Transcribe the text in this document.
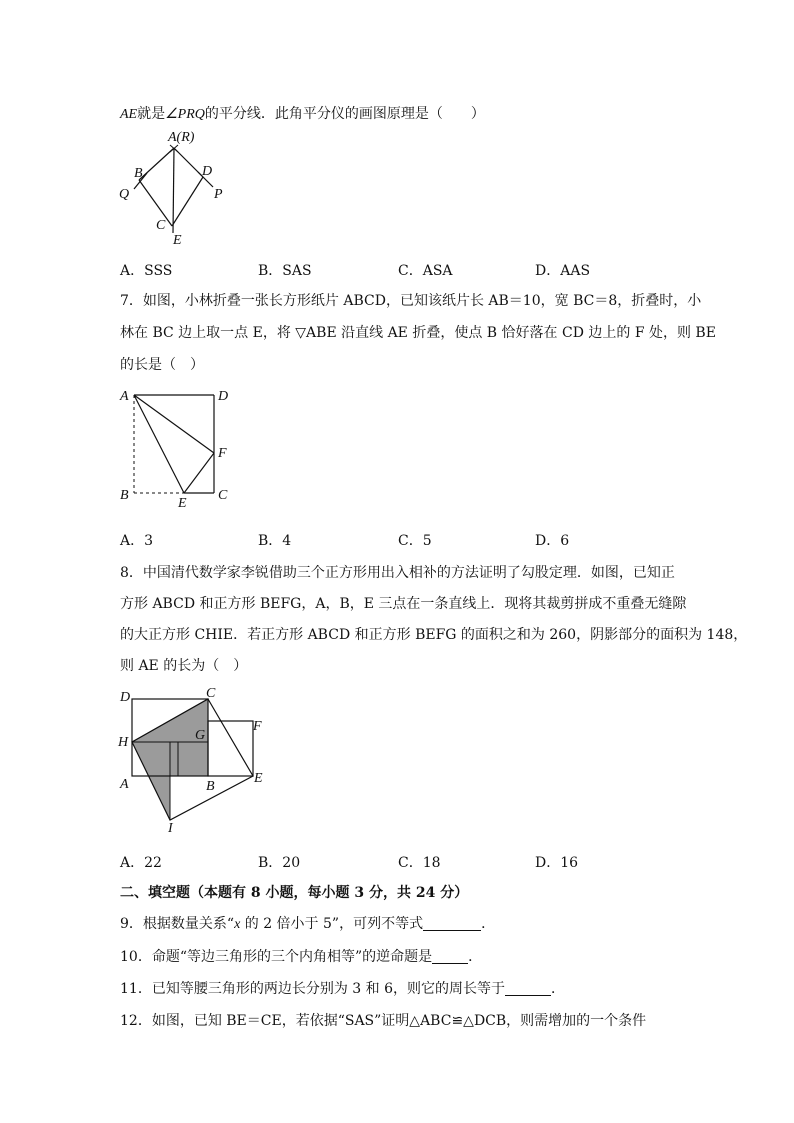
AE就是∠PRQ的平分线．此角平分仪的画图原理是（　　）
A(R)
B	D
Q	P
C
E
A．SSS	B．SAS	C．ASA	D．AAS
7．如图，小林折叠一张长方形纸片 ABCD，已知该纸片长 AB＝10，宽 BC＝8，折叠时，小
林在 BC 边上取一点 E，将 ▽ABE 沿直线 AE 折叠，使点 B 恰好落在 CD 边上的 F 处，则 BE
的长是（　）
A	D
F
B
E
C
A．3	B．4	C．5	D．6
8．中国清代数学家李锐借助三个正方形用出入相补的方法证明了勾股定理．如图，已知正
方形 ABCD 和正方形 BEFG，A，B，E 三点在一条直线上．现将其裁剪拼成不重叠无缝隙
的大正方形 CHIE．若正方形 ABCD 和正方形 BEFG 的面积之和为 260，阴影部分的面积为 148，
则 AE 的长为（　）
D	C
F
H	G
A	B
E
I
A．22	B．20	C．18	D．16
二、填空题（本题有 8 小题，每小题 3 分，共 24 分）
9．根据数量关系“x 的 2 倍小于 5”，可列不等式	．
10．命题“等边三角形的三个内角相等”的逆命题是	．
11．已知等腰三角形的两边长分别为 3 和 6，则它的周长等于	．
12．如图，已知 BE＝CE，若依据“SAS”证明△ABC≌△DCB，则需增加的一个条件
